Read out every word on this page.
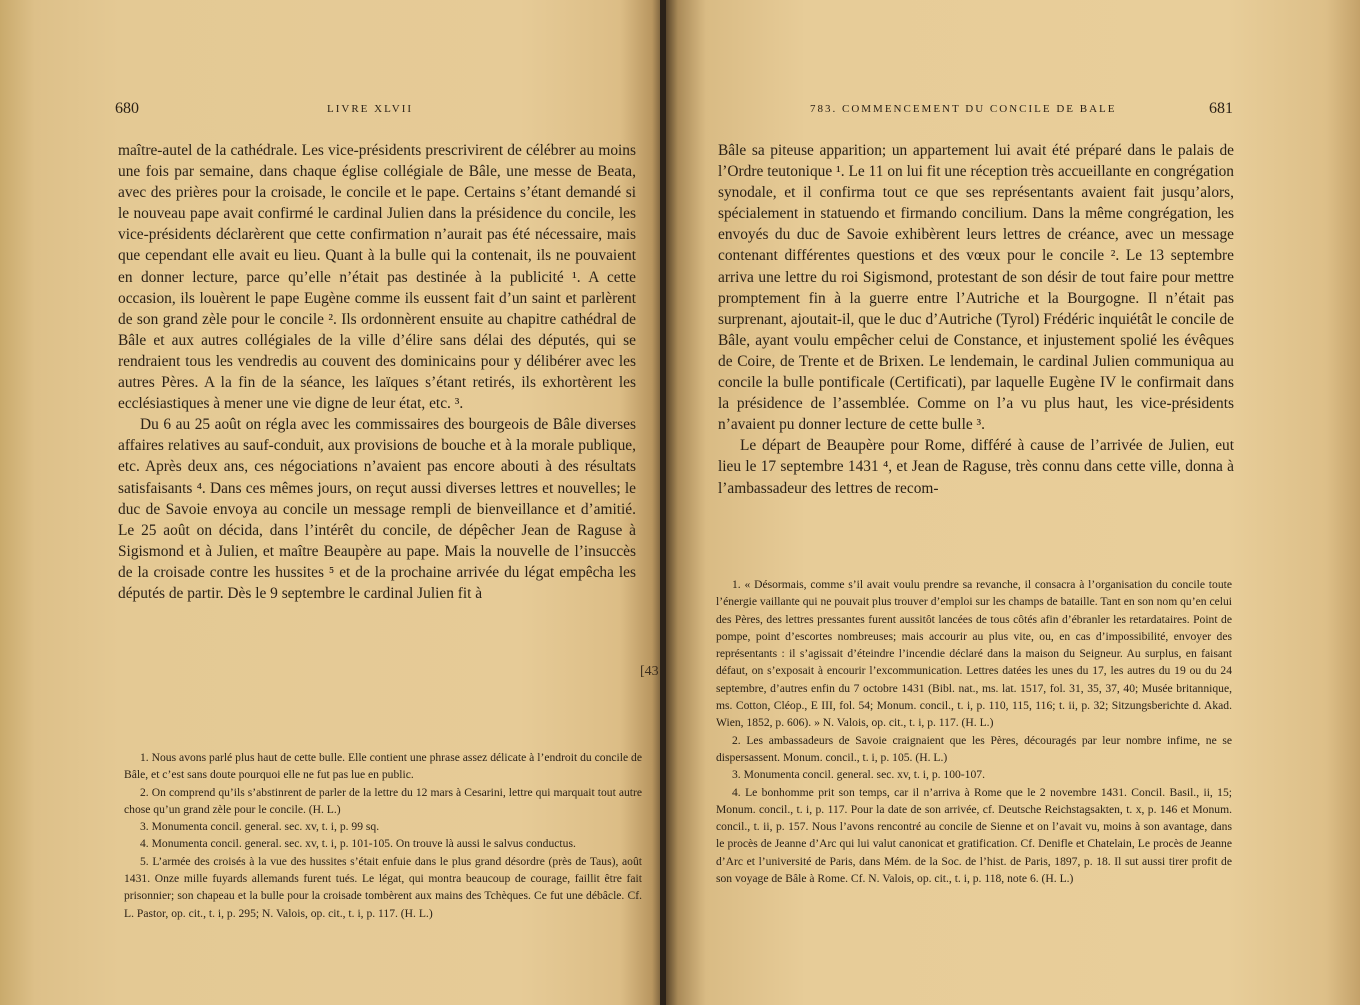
680	LIVRE XLVII

maître-autel de la cathédrale. Les vice-présidents prescrivirent de célébrer au moins une fois par semaine, dans chaque église collégiale de Bâle, une messe de Beata, avec des prières pour la croisade, le concile et le pape. Certains s’étant demandé si le nouveau pape avait confirmé le cardinal Julien dans la présidence du concile, les vice-présidents déclarèrent que cette confirmation n’aurait pas été nécessaire, mais que cependant elle avait eu lieu. Quant à la bulle qui la contenait, ils ne pouvaient en donner lecture, parce qu’elle n’était pas destinée à la publicité ¹. A cette occasion, ils louèrent le pape Eugène comme ils eussent fait d’un saint et parlèrent de son grand zèle pour le concile ². Ils ordonnèrent ensuite au chapitre cathédral de Bâle et aux autres collégiales de la ville d’élire sans délai des députés, qui se rendraient tous les vendredis au couvent des dominicains pour y délibérer avec les autres Pères. A la fin de la séance, les laïques s’étant retirés, ils exhortèrent les ecclésiastiques à mener une vie digne de leur état, etc. ³.

Du 6 au 25 août on régla avec les commissaires des bourgeois de Bâle diverses affaires relatives au sauf-conduit, aux provisions de bouche et à la morale publique, etc. Après deux ans, ces négociations n’avaient pas encore abouti à des résultats satisfaisants ⁴. Dans ces mêmes jours, on reçut aussi diverses lettres et nouvelles; le duc de Savoie envoya au concile un message rempli de bienveillance et d’amitié. Le 25 août on décida, dans l’intérêt du concile, de dépêcher Jean de Raguse à Sigismond et à Julien, et maître Beaupère au pape. Mais la nouvelle de l’insuccès de la croisade contre les hussites ⁵ et de la prochaine arrivée du légat empêcha les députés de partir. Dès le 9 septembre le cardinal Julien fit à

1. Nous avons parlé plus haut de cette bulle. Elle contient une phrase assez délicate à l’endroit du concile de Bâle, et c’est sans doute pourquoi elle ne fut pas lue en public.

2. On comprend qu’ils s’abstinrent de parler de la lettre du 12 mars à Cesarini, lettre qui marquait tout autre chose qu’un grand zèle pour le concile. (H. L.)

3. Monumenta concil. general. sec. xv, t. i, p. 99 sq.

4. Monumenta concil. general. sec. xv, t. i, p. 101-105. On trouve là aussi le salvus conductus.

5. L’armée des croisés à la vue des hussites s’était enfuie dans le plus grand désordre (près de Taus), août 1431. Onze mille fuyards allemands furent tués. Le légat, qui montra beaucoup de courage, faillit être fait prisonnier; son chapeau et la bulle pour la croisade tombèrent aux mains des Tchèques. Ce fut une débâcle. Cf. L. Pastor, op. cit., t. i, p. 295; N. Valois, op. cit., t. i, p. 117. (H. L.)

[43
783. COMMENCEMENT DU CONCILE DE BALE	681

Bâle sa piteuse apparition; un appartement lui avait été préparé dans le palais de l’Ordre teutonique ¹. Le 11 on lui fit une réception très accueillante en congrégation synodale, et il confirma tout ce que ses représentants avaient fait jusqu’alors, spécialement in statuendo et firmando concilium. Dans la même congrégation, les envoyés du duc de Savoie exhibèrent leurs lettres de créance, avec un message contenant différentes questions et des vœux pour le concile ². Le 13 septembre arriva une lettre du roi Sigismond, protestant de son désir de tout faire pour mettre promptement fin à la guerre entre l’Autriche et la Bourgogne. Il n’était pas surprenant, ajoutait-il, que le duc d’Autriche (Tyrol) Frédéric inquiétât le concile de Bâle, ayant voulu empêcher celui de Constance, et injustement spolié les évêques de Coire, de Trente et de Brixen. Le lendemain, le cardinal Julien communiqua au concile la bulle pontificale (Certificati), par laquelle Eugène IV le confirmait dans la présidence de l’assemblée. Comme on l’a vu plus haut, les vice-présidents n’avaient pu donner lecture de cette bulle ³.

Le départ de Beaupère pour Rome, différé à cause de l’arrivée de Julien, eut lieu le 17 septembre 1431 ⁴, et Jean de Raguse, très connu dans cette ville, donna à l’ambassadeur des lettres de recom-

1. « Désormais, comme s’il avait voulu prendre sa revanche, il consacra à l’organisation du concile toute l’énergie vaillante qui ne pouvait plus trouver d’emploi sur les champs de bataille. Tant en son nom qu’en celui des Pères, des lettres pressantes furent aussitôt lancées de tous côtés afin d’ébranler les retardataires. Point de pompe, point d’escortes nombreuses; mais accourir au plus vite, ou, en cas d’impossibilité, envoyer des représentants : il s’agissait d’éteindre l’incendie déclaré dans la maison du Seigneur. Au surplus, en faisant défaut, on s’exposait à encourir l’excommunication. Lettres datées les unes du 17, les autres du 19 ou du 24 septembre, d’autres enfin du 7 octobre 1431 (Bibl. nat., ms. lat. 1517, fol. 31, 35, 37, 40; Musée britannique, ms. Cotton, Cléop., E III, fol. 54; Monum. concil., t. i, p. 110, 115, 116; t. ii, p. 32; Sitzungsberichte d. Akad. Wien, 1852, p. 606). » N. Valois, op. cit., t. i, p. 117. (H. L.)

2. Les ambassadeurs de Savoie craignaient que les Pères, découragés par leur nombre infime, ne se dispersassent. Monum. concil., t. i, p. 105. (H. L.)

3. Monumenta concil. general. sec. xv, t. i, p. 100-107.

4. Le bonhomme prit son temps, car il n’arriva à Rome que le 2 novembre 1431. Concil. Basil., ii, 15; Monum. concil., t. i, p. 117. Pour la date de son arrivée, cf. Deutsche Reichstagsakten, t. x, p. 146 et Monum. concil., t. ii, p. 157. Nous l’avons rencontré au concile de Sienne et on l’avait vu, moins à son avantage, dans le procès de Jeanne d’Arc qui lui valut canonicat et gratification. Cf. Denifle et Chatelain, Le procès de Jeanne d’Arc et l’université de Paris, dans Mém. de la Soc. de l’hist. de Paris, 1897, p. 18. Il sut aussi tirer profit de son voyage de Bâle à Rome. Cf. N. Valois, op. cit., t. i, p. 118, note 6. (H. L.)
